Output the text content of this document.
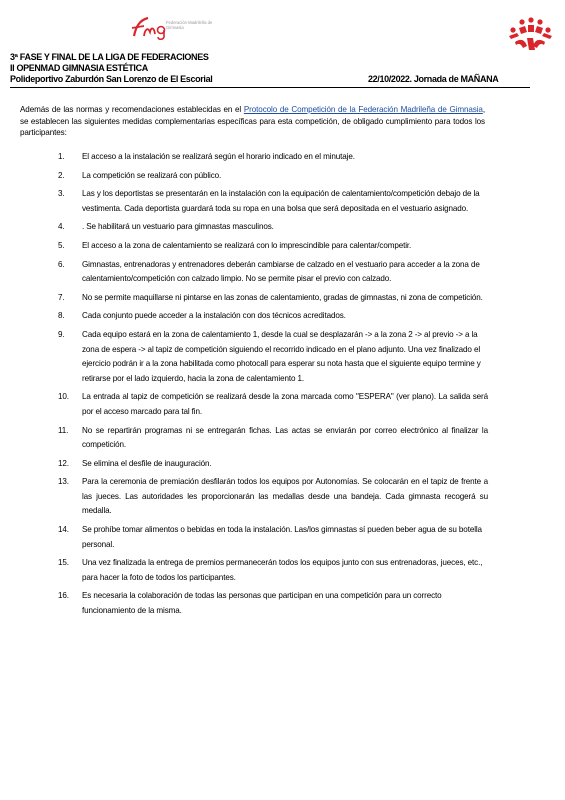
Federación Madrileña de Gimnasia
3ª FASE Y FINAL DE LA LIGA DE FEDERACIONES
II OPENMAD GIMNASIA ESTÉTICA
Polideportivo Zaburdón San Lorenzo de El Escorial	22/10/2022. Jornada de MAÑANA
Además de las normas y recomendaciones establecidas en el Protocolo de Competición de la Federación Madrileña de Gimnasia, se establecen las siguientes medidas complementarias específicas para esta competición, de obligado cumplimiento para todos los participantes:
1. El acceso a la instalación se realizará según el horario indicado en el minutaje.
2. La competición se realizará con público.
3. Las y los deportistas se presentarán en la instalación con la equipación de calentamiento/competición debajo de la vestimenta. Cada deportista guardará toda su ropa en una bolsa que será depositada en el vestuario asignado.
4. . Se habilitará un vestuario para gimnastas masculinos.
5. El acceso a la zona de calentamiento se realizará con lo imprescindible para calentar/competir.
6. Gimnastas, entrenadoras y entrenadores deberán cambiarse de calzado en el vestuario para acceder a la zona de calentamiento/competición con calzado limpio. No se permite pisar el previo con calzado.
7. No se permite maquillarse ni pintarse en las zonas de calentamiento, gradas de gimnastas, ni zona de competición.
8. Cada conjunto puede acceder a la instalación con dos técnicos acreditados.
9. Cada equipo estará en la zona de calentamiento 1, desde la cual se desplazarán -> a la zona 2 -> al previo -> a la zona de espera -> al tapiz de competición siguiendo el recorrido indicado en el plano adjunto. Una vez finalizado el ejercicio podrán ir a la zona habilitada como photocall para esperar su nota hasta que el siguiente equipo termine y retirarse por el lado izquierdo, hacia la zona de calentamiento 1.
10. La entrada al tapiz de competición se realizará desde la zona marcada como "ESPERA" (ver plano). La salida será por el acceso marcado para tal fin.
11. No se repartirán programas ni se entregarán fichas. Las actas se enviarán por correo electrónico al finalizar la competición.
12. Se elimina el desfile de inauguración.
13. Para la ceremonia de premiación desfilarán todos los equipos por Autonomías. Se colocarán en el tapiz de frente a las jueces. Las autoridades les proporcionarán las medallas desde una bandeja. Cada gimnasta recogerá su medalla.
14. Se prohíbe tomar alimentos o bebidas en toda la instalación. Las/los gimnastas sí pueden beber agua de su botella personal.
15. Una vez finalizada la entrega de premios permanecerán todos los equipos junto con sus entrenadoras, jueces, etc., para hacer la foto de todos los participantes.
16. Es necesaria la colaboración de todas las personas que participan en una competición para un correcto funcionamiento de la misma.
